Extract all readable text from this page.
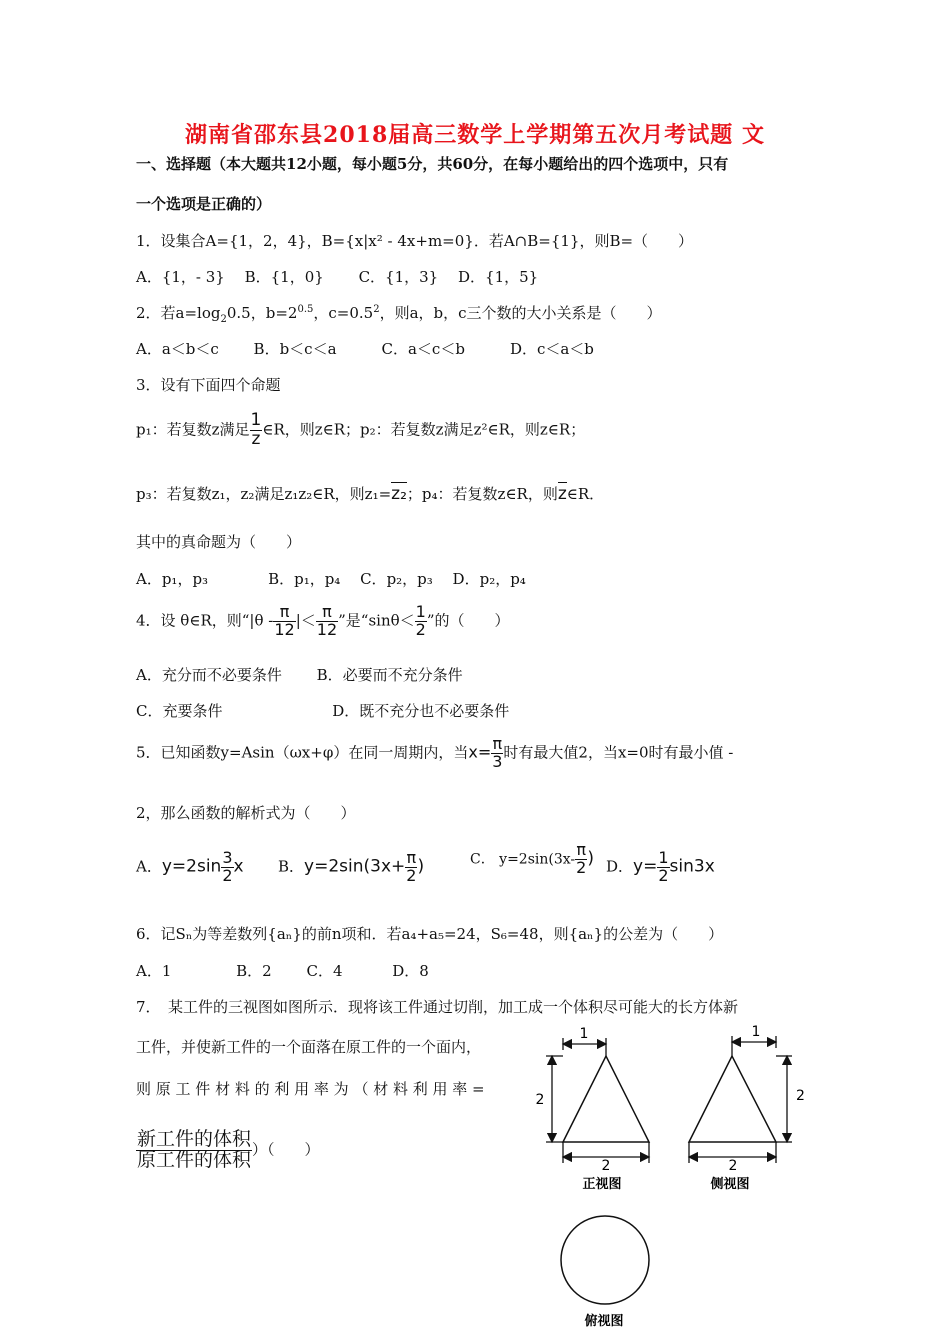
湖南省邵东县2018届高三数学上学期第五次月考试题 文
一、选择题（本大题共12小题，每小题5分，共60分，在每小题给出的四个选项中，只有
一个选项是正确的）
1．设集合A={1，2，4}，B={x|x² - 4x+m=0}．若A∩B={1}，则B=（　　）
A．{1，- 3}　 B．{1，0}　　 C．{1，3}　 D．{1，5}
2．若$a=\log_20.5$，$b=2^{0.5}$，$c=0.5^2$，则a，b，c三个数的大小关系是（　　）
A．a＜b＜c　　 B．b＜c＜a　　　C．a＜c＜b　　　D．c＜a＜b
3．设有下面四个命题
p₁：若复数z满足 $\frac{1}{z}$ ∈R，则z∈R；p₂：若复数z满足z²∈R，则z∈R；
p₃：若复数z₁，z₂满足z₁z₂∈R，则z₁=z₂；p₄：若复数z∈R，则z∈R．
其中的真命题为（　　）
A．p₁，p₃　　　　B．p₁，p₄　 C．p₂，p₃　 D．p₂，p₄
4．设 θ∈R，则“$|\theta - \frac{\pi}{12}$ |＜ $\frac{\pi}{12}$ ”是“$\sin\theta< \frac{1}{2}$ ”的（　　）
A．充分而不必要条件　　 B．必要而不充分条件
C．充要条件　　　　　　　 D．既不充分也不必要条件
5．已知函数y=Asin（ωx+φ）在同一周期内，当$x= \frac{\pi}{3}$ 时有最大值2，当x=0时有最小值 -
2，那么函数的解析式为（　　）
A．$y=2\sin \frac{3}{2}$ x B．$y=2\sin(3x+ \frac{\pi}{2}$ )	C． $y=2\sin(3x- \frac{\pi}{2}$ ) D．$y= \frac{1}{2} \sin 3x$
6．记Sₙ为等差数列{aₙ}的前n项和．若a₄+a₅=24，S₆=48，则{aₙ}的公差为（　　）
A．1　　　　 B．2　　 C．4　　　 D．8
7．　某工件的三视图如图所示．现将该工件通过切削，加工成一个体积尽可能大的长方体新
工件，并使新工件的一个面落在原工件的一个面内，
则 原 工 件 材 料 的 利 用 率 为 （ 材 料 利 用 率 =
$\frac{\text{新工件的体积}}{\text{原工件的体积}}$ ）（　　）
1
2
2
正视图
1
2
2
侧视图
俯视图
